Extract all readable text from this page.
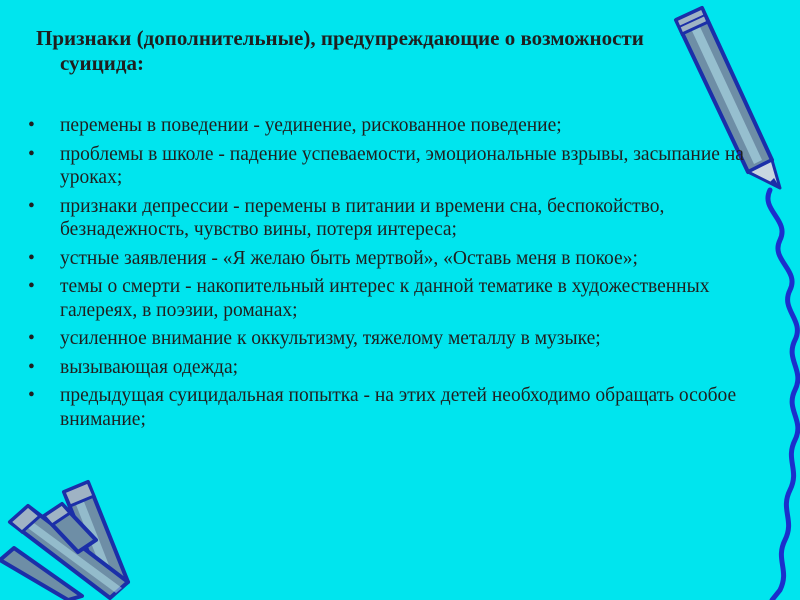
Признаки (дополнительные), предупреждающие о возможности суицида:
• перемены в поведении - уединение, рискованное поведение;
• проблемы в школе - падение успеваемости, эмоциональные взрывы, засыпание на уроках;
• признаки депрессии - перемены в питании и времени сна, беспокойство, безнадежность, чувство вины, потеря интереса;
• устные заявления - «Я желаю быть мертвой», «Оставь меня в покое»;
• темы о смерти - накопительный интерес к данной тематике в художественных галереях, в поэзии, романах;
• усиленное внимание к оккультизму, тяжелому металлу в музыке;
• вызывающая одежда;
• предыдущая суицидальная попытка - на этих детей необходимо обращать особое внимание;
